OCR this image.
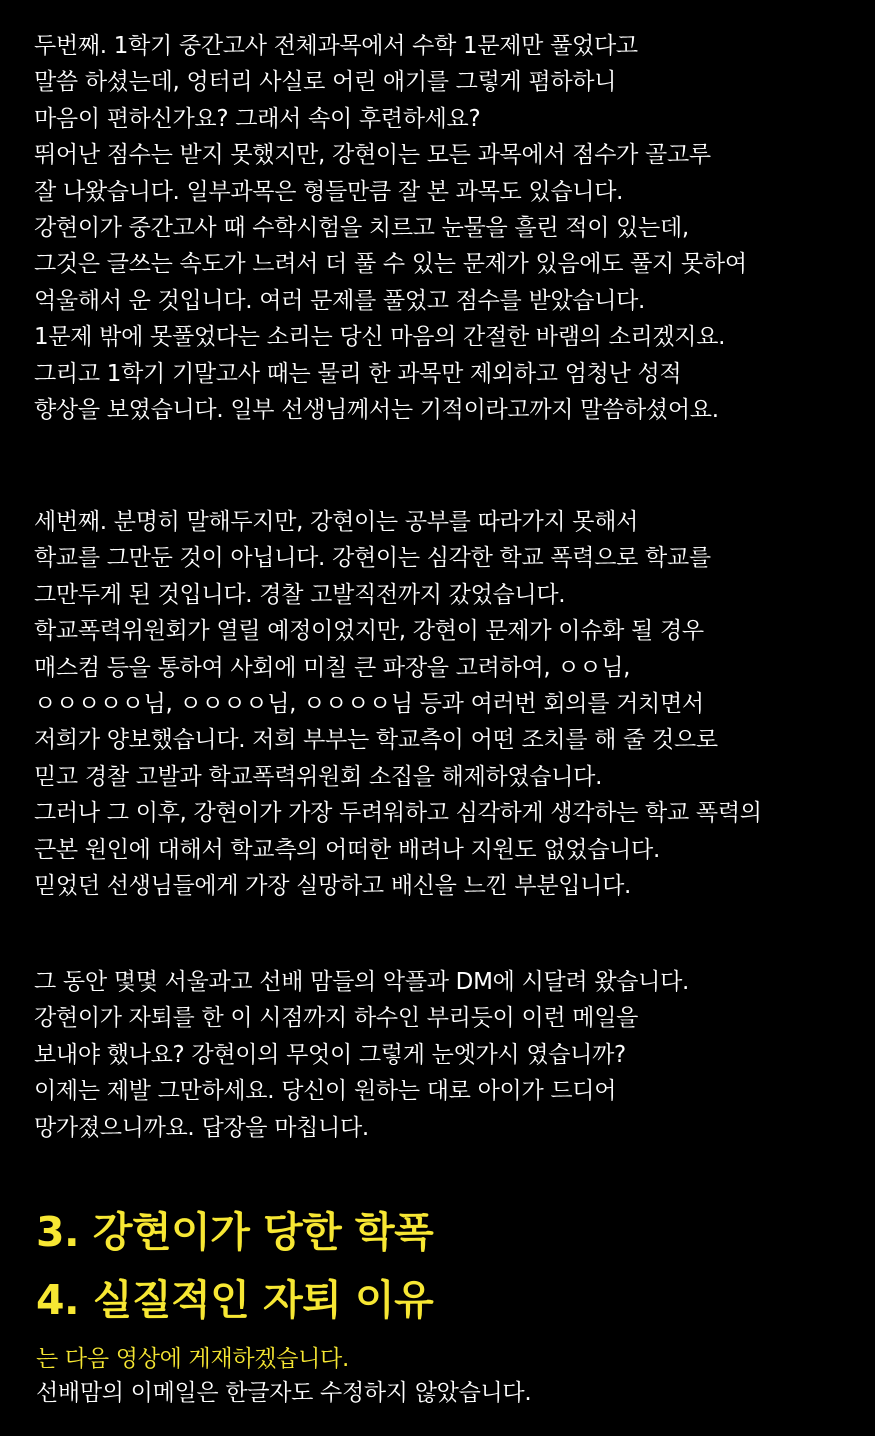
두번째. 1학기 중간고사 전체과목에서 수학 1문제만 풀었다고
말씀 하셨는데, 엉터리 사실로 어린 애기를 그렇게 폄하하니
마음이 편하신가요? 그래서 속이 후련하세요?
뛰어난 점수는 받지 못했지만, 강현이는 모든 과목에서 점수가 골고루
잘 나왔습니다. 일부과목은 형들만큼 잘 본 과목도 있습니다.
강현이가 중간고사 때 수학시험을 치르고 눈물을 흘린 적이 있는데,
그것은 글쓰는 속도가 느려서 더 풀 수 있는 문제가 있음에도 풀지 못하여
억울해서 운 것입니다. 여러 문제를 풀었고 점수를 받았습니다.
1문제 밖에 못풀었다는 소리는 당신 마음의 간절한 바램의 소리겠지요.
그리고 1학기 기말고사 때는 물리 한 과목만 제외하고 엄청난 성적
향상을 보였습니다. 일부 선생님께서는 기적이라고까지 말씀하셨어요.
세번째. 분명히 말해두지만, 강현이는 공부를 따라가지 못해서
학교를 그만둔 것이 아닙니다. 강현이는 심각한 학교 폭력으로 학교를
그만두게 된 것입니다. 경찰 고발직전까지 갔었습니다.
학교폭력위원회가 열릴 예정이었지만, 강현이 문제가 이슈화 될 경우
매스컴 등을 통하여 사회에 미칠 큰 파장을 고려하여, ㅇㅇ님,
ㅇㅇㅇㅇㅇ님, ㅇㅇㅇㅇ님, ㅇㅇㅇㅇ님 등과 여러번 회의를 거치면서
저희가 양보했습니다. 저희 부부는 학교측이 어떤 조치를 해 줄 것으로
믿고 경찰 고발과 학교폭력위원회 소집을 해제하였습니다.
그러나 그 이후, 강현이가 가장 두려워하고 심각하게 생각하는 학교 폭력의
근본 원인에 대해서 학교측의 어떠한 배려나 지원도 없었습니다.
믿었던 선생님들에게 가장 실망하고 배신을 느낀 부분입니다.
그 동안 몇몇 서울과고 선배 맘들의 악플과 DM에 시달려 왔습니다.
강현이가 자퇴를 한 이 시점까지 하수인 부리듯이 이런 메일을
보내야 했나요? 강현이의 무엇이 그렇게 눈엣가시 였습니까?
이제는 제발 그만하세요. 당신이 원하는 대로 아이가 드디어
망가졌으니까요. 답장을 마칩니다.
3. 강현이가 당한 학폭
4. 실질적인 자퇴 이유
는 다음 영상에 게재하겠습니다.
선배맘의 이메일은 한글자도 수정하지 않았습니다.
